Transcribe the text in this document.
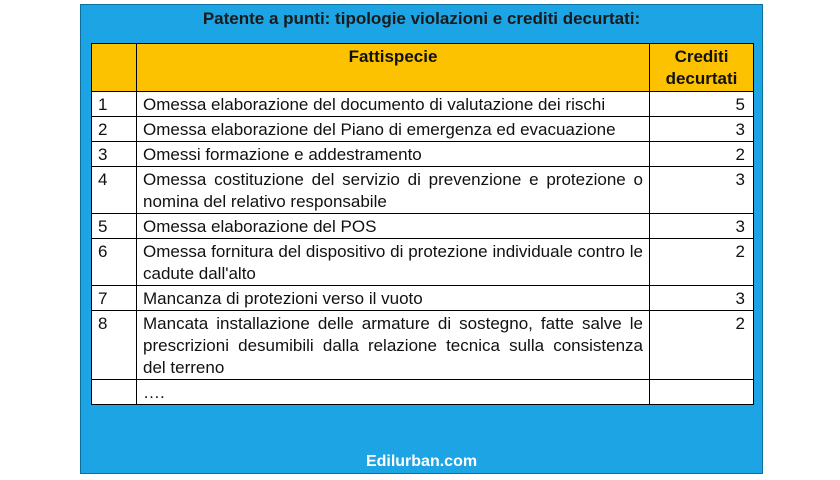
Patente a punti: tipologie violazioni e crediti decurtati:
	Fattispecie	Crediti decurtati
1	Omessa elaborazione del documento di valutazione dei rischi	5
2	Omessa elaborazione del Piano di emergenza ed evacuazione	3
3	Omessi formazione e addestramento	2
4	Omessa costituzione del servizio di prevenzione e protezione o nomina del relativo responsabile	3
5	Omessa elaborazione del POS	3
6	Omessa fornitura del dispositivo di protezione individuale contro le cadute dall'alto	2
7	Mancanza di protezioni verso il vuoto	3
8	Mancata installazione delle armature di sostegno, fatte salve le prescrizioni desumibili dalla relazione tecnica sulla consistenza del terreno	2
	….	
Edilurban.com
